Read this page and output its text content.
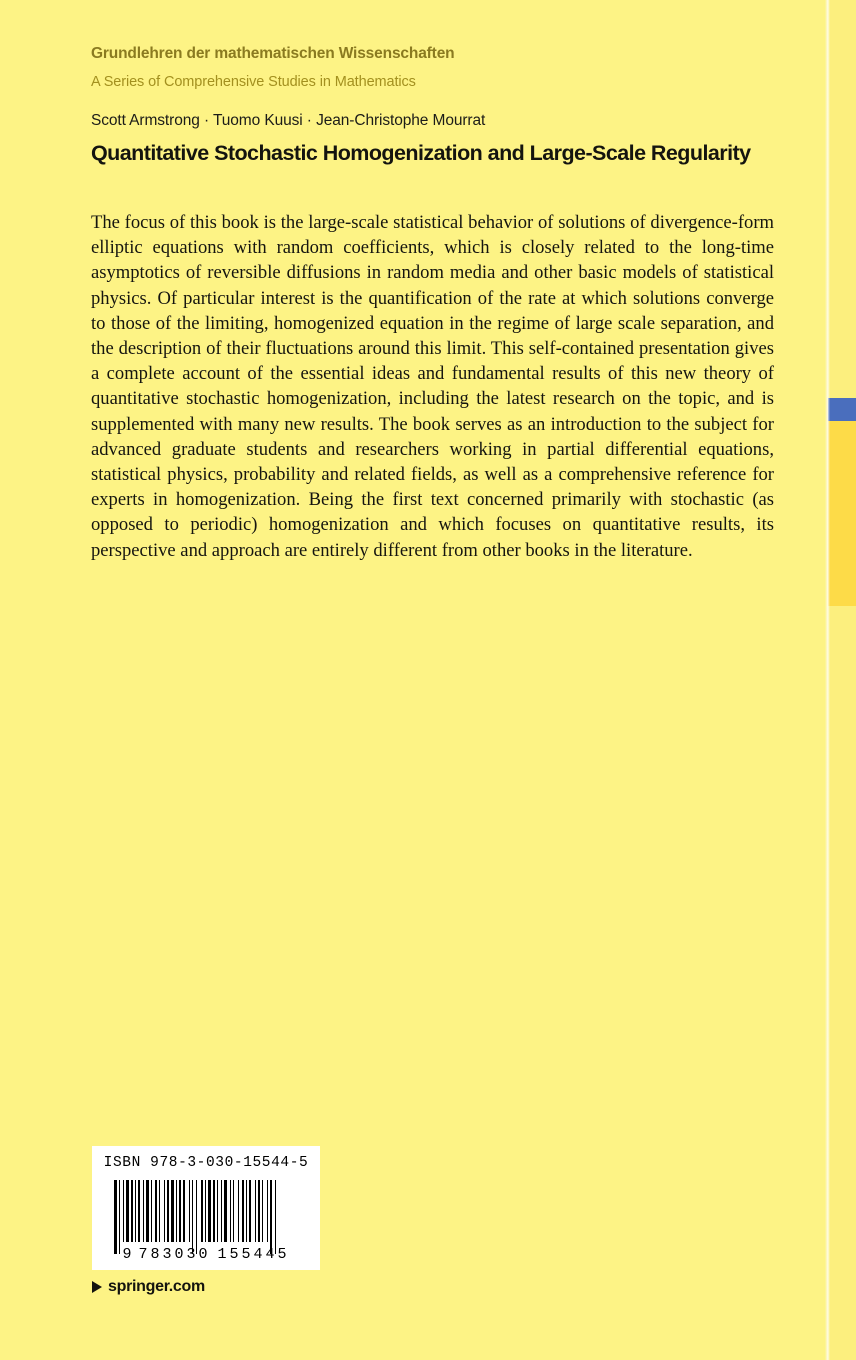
Grundlehren der mathematischen Wissenschaften
A Series of Comprehensive Studies in Mathematics
Scott Armstrong · Tuomo Kuusi · Jean-Christophe Mourrat
Quantitative Stochastic Homogenization and Large-Scale Regularity
The focus of this book is the large-scale statistical behavior of solutions of divergence-form elliptic equations with random coefficients, which is closely related to the long-time asymptotics of reversible diffusions in random media and other basic models of statistical physics. Of particular interest is the quantification of the rate at which solutions converge to those of the limiting, homogenized equation in the regime of large scale separation, and the description of their fluctuations around this limit. This self-contained presentation gives a complete account of the essential ideas and fundamental results of this new theory of quantitative stochastic homogenization, including the latest research on the topic, and is supplemented with many new results. The book serves as an introduction to the subject for advanced graduate students and researchers working in partial differential equations, statistical physics, probability and related fields, as well as a comprehensive reference for experts in homogenization. Being the first text concerned primarily with stochastic (as opposed to periodic) homogenization and which focuses on quantitative results, its perspective and approach are entirely different from other books in the literature.
ISBN 978-3-030-15544-5
9 783030 155445
springer.com
